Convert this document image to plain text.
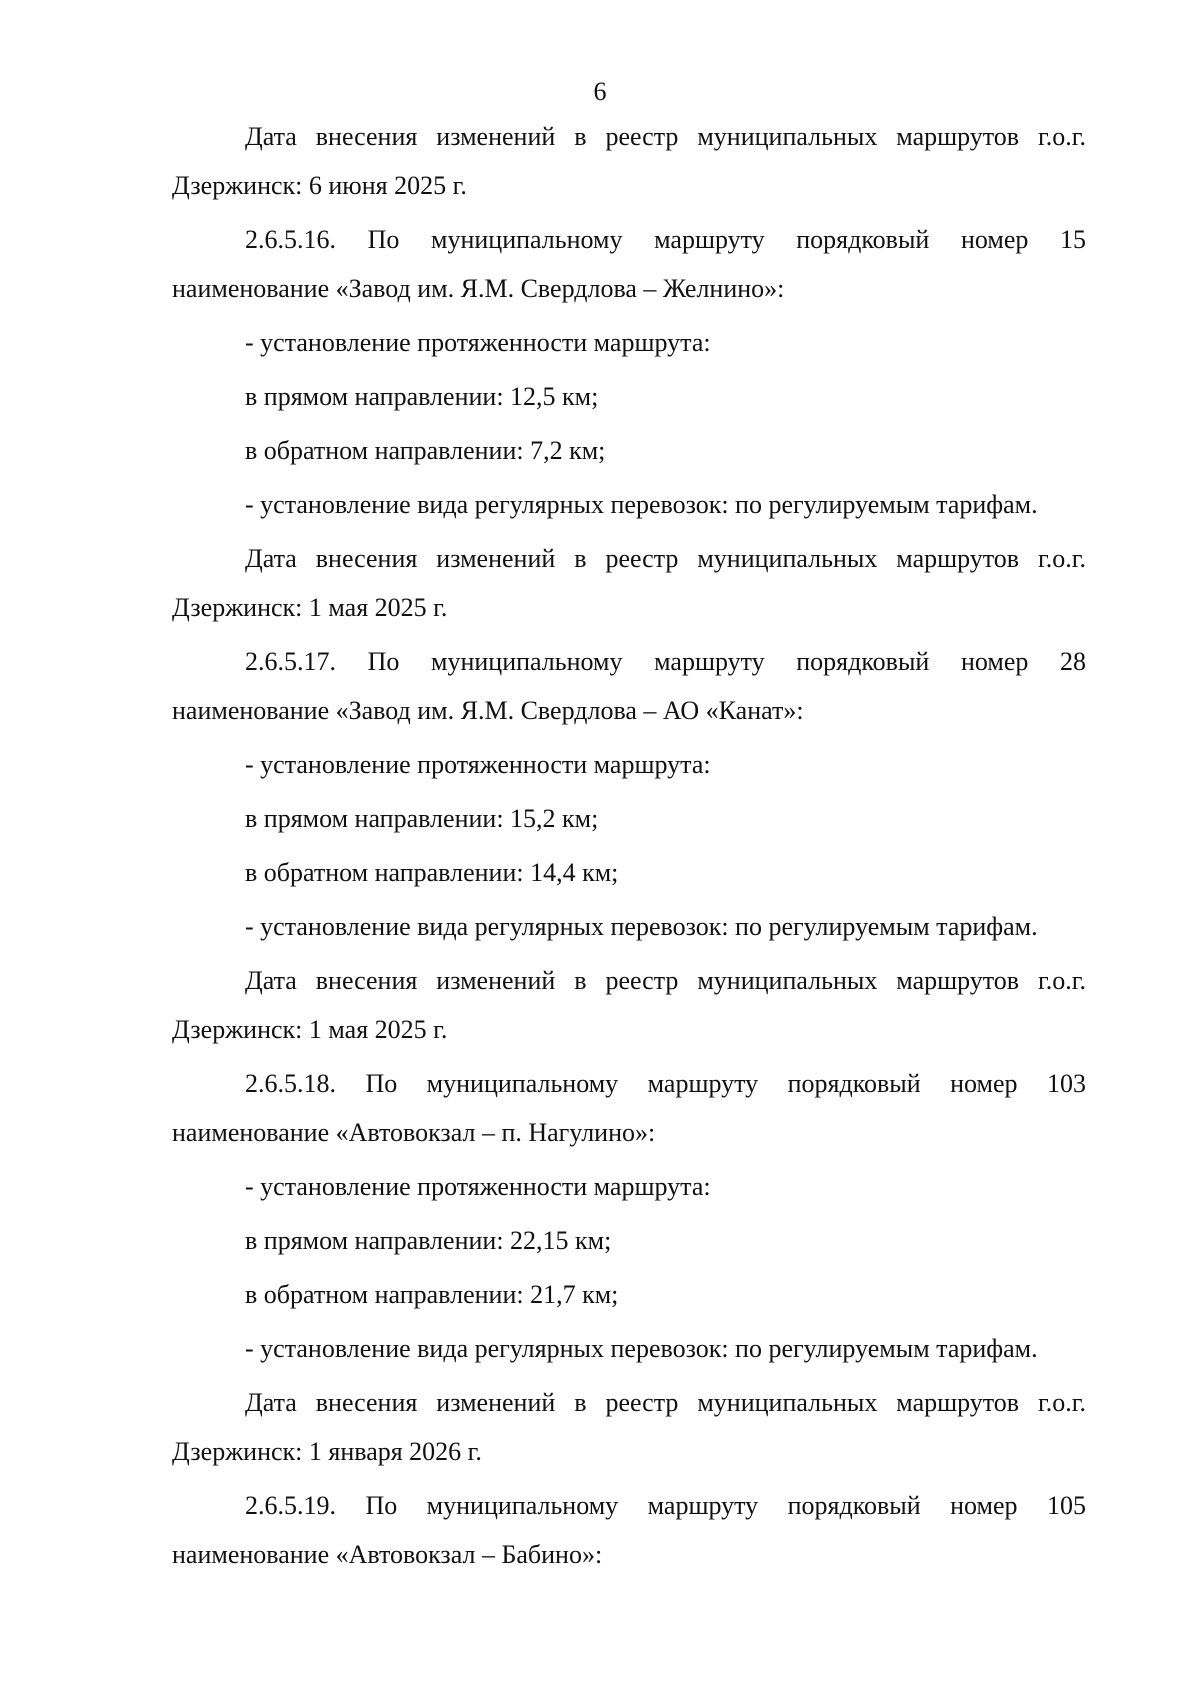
6

Дата внесения изменений в реестр муниципальных маршрутов г.о.г. Дзержинск: 6 июня 2025 г.

2.6.5.16. По муниципальному маршруту порядковый номер 15 наименование «Завод им. Я.М. Свердлова – Желнино»:

- установление протяженности маршрута:

в прямом направлении: 12,5 км;

в обратном направлении: 7,2 км;

- установление вида регулярных перевозок: по регулируемым тарифам.

Дата внесения изменений в реестр муниципальных маршрутов г.о.г. Дзержинск: 1 мая 2025 г.

2.6.5.17. По муниципальному маршруту порядковый номер 28 наименование «Завод им. Я.М. Свердлова – АО «Канат»:

- установление протяженности маршрута:

в прямом направлении: 15,2 км;

в обратном направлении: 14,4 км;

- установление вида регулярных перевозок: по регулируемым тарифам.

Дата внесения изменений в реестр муниципальных маршрутов г.о.г. Дзержинск: 1 мая 2025 г.

2.6.5.18. По муниципальному маршруту порядковый номер 103 наименование «Автовокзал – п. Нагулино»:

- установление протяженности маршрута:

в прямом направлении: 22,15 км;

в обратном направлении: 21,7 км;

- установление вида регулярных перевозок: по регулируемым тарифам.

Дата внесения изменений в реестр муниципальных маршрутов г.о.г. Дзержинск: 1 января 2026 г.

2.6.5.19. По муниципальному маршруту порядковый номер 105 наименование «Автовокзал – Бабино»:
